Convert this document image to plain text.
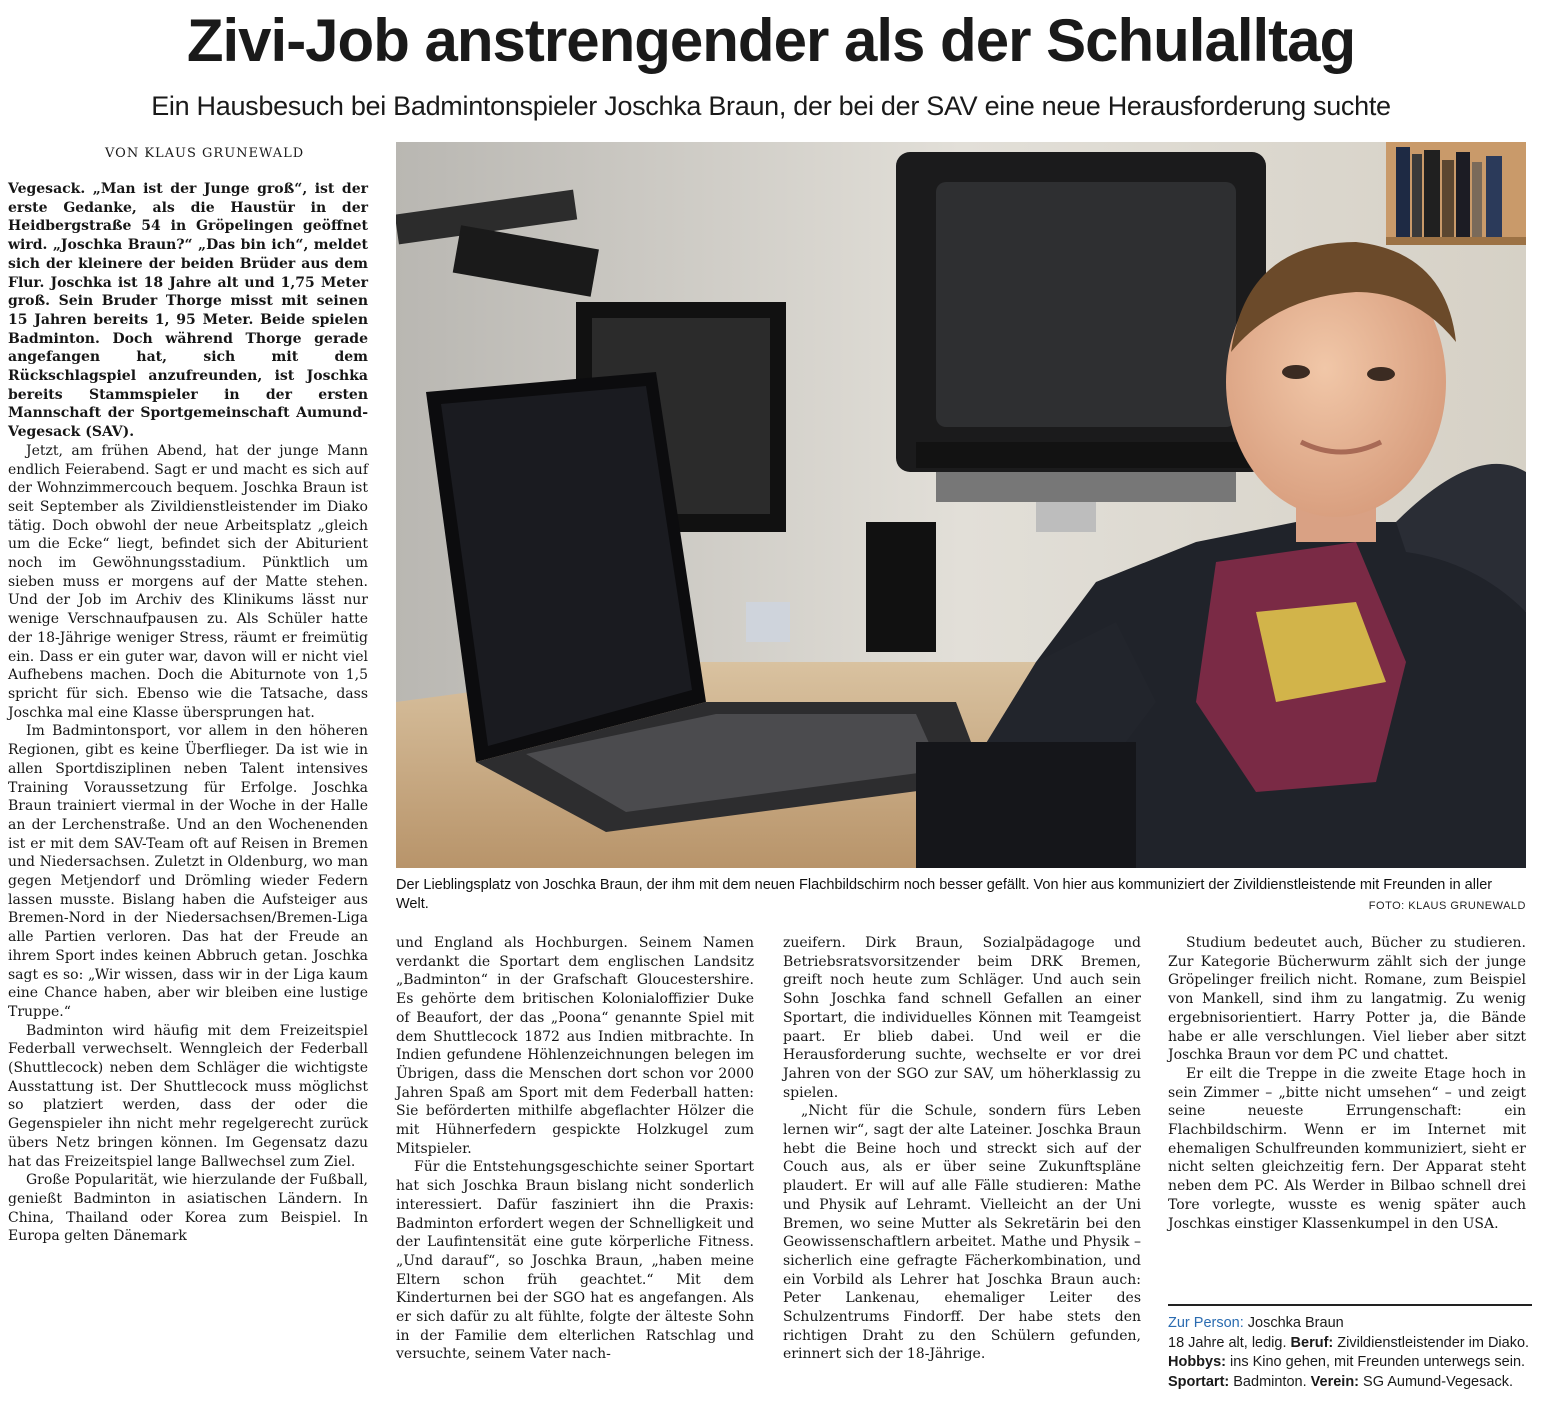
Zivi-Job anstrengender als der Schulalltag
Ein Hausbesuch bei Badmintonspieler Joschka Braun, der bei der SAV eine neue Herausforderung suchte
VON KLAUS GRUNEWALD

Vegesack. „Man ist der Junge groß“, ist der erste Gedanke, als die Haustür in der Heidbergstraße 54 in Gröpelingen geöffnet wird. „Joschka Braun?“ „Das bin ich“, meldet sich der kleinere der beiden Brüder aus dem Flur. Joschka ist 18 Jahre alt und 1,75 Meter groß. Sein Bruder Thorge misst mit seinen 15 Jahren bereits 1, 95 Meter. Beide spielen Badminton. Doch während Thorge gerade angefangen hat, sich mit dem Rückschlagspiel anzufreunden, ist Joschka bereits Stammspieler in der ersten Mannschaft der Sportgemeinschaft Aumund-Vegesack (SAV).

Jetzt, am frühen Abend, hat der junge Mann endlich Feierabend. Sagt er und macht es sich auf der Wohnzimmercouch bequem. Joschka Braun ist seit September als Zivildienstleistender im Diako tätig. Doch obwohl der neue Arbeitsplatz „gleich um die Ecke“ liegt, befindet sich der Abiturient noch im Gewöhnungsstadium. Pünktlich um sieben muss er morgens auf der Matte stehen. Und der Job im Archiv des Klinikums lässt nur wenige Verschnaufpausen zu. Als Schüler hatte der 18-Jährige weniger Stress, räumt er freimütig ein. Dass er ein guter war, davon will er nicht viel Aufhebens machen. Doch die Abiturnote von 1,5 spricht für sich. Ebenso wie die Tatsache, dass Joschka mal eine Klasse übersprungen hat.

Im Badmintonsport, vor allem in den höheren Regionen, gibt es keine Überflieger. Da ist wie in allen Sportdisziplinen neben Talent intensives Training Voraussetzung für Erfolge. Joschka Braun trainiert viermal in der Woche in der Halle an der Lerchenstraße. Und an den Wochenenden ist er mit dem SAV-Team oft auf Reisen in Bremen und Niedersachsen. Zuletzt in Oldenburg, wo man gegen Metjendorf und Drömling wieder Federn lassen musste. Bislang haben die Aufsteiger aus Bremen-Nord in der Niedersachsen/Bremen-Liga alle Partien verloren. Das hat der Freude an ihrem Sport indes keinen Abbruch getan. Joschka sagt es so: „Wir wissen, dass wir in der Liga kaum eine Chance haben, aber wir bleiben eine lustige Truppe.“

Badminton wird häufig mit dem Freizeitspiel Federball verwechselt. Wenngleich der Federball (Shuttlecock) neben dem Schläger die wichtigste Ausstattung ist. Der Shuttlecock muss möglichst so platziert werden, dass der oder die Gegenspieler ihn nicht mehr regelgerecht zurück übers Netz bringen können. Im Gegensatz dazu hat das Freizeitspiel lange Ballwechsel zum Ziel.

Große Popularität, wie hierzulande der Fußball, genießt Badminton in asiatischen Ländern. In China, Thailand oder Korea zum Beispiel. In Europa gelten Dänemark

Der Lieblingsplatz von Joschka Braun, der ihm mit dem neuen Flachbildschirm noch besser gefällt. Von hier aus kommuniziert der Zivildienstleistende mit Freunden in aller Welt.	FOTO: KLAUS GRUNEWALD

und England als Hochburgen. Seinem Namen verdankt die Sportart dem englischen Landsitz „Badminton“ in der Grafschaft Gloucestershire. Es gehörte dem britischen Kolonialoffizier Duke of Beaufort, der das „Poona“ genannte Spiel mit dem Shuttlecock 1872 aus Indien mitbrachte. In Indien gefundene Höhlenzeichnungen belegen im Übrigen, dass die Menschen dort schon vor 2000 Jahren Spaß am Sport mit dem Federball hatten: Sie beförderten mithilfe abgeflachter Hölzer die mit Hühnerfedern gespickte Holzkugel zum Mitspieler.

Für die Entstehungsgeschichte seiner Sportart hat sich Joschka Braun bislang nicht sonderlich interessiert. Dafür fasziniert ihn die Praxis: Badminton erfordert wegen der Schnelligkeit und der Laufintensität eine gute körperliche Fitness. „Und darauf“, so Joschka Braun, „haben meine Eltern schon früh geachtet.“ Mit dem Kinderturnen bei der SGO hat es angefangen. Als er sich dafür zu alt fühlte, folgte der älteste Sohn in der Familie dem elterlichen Ratschlag und versuchte, seinem Vater nach-

zueifern. Dirk Braun, Sozialpädagoge und Betriebsratsvorsitzender beim DRK Bremen, greift noch heute zum Schläger. Und auch sein Sohn Joschka fand schnell Gefallen an einer Sportart, die individuelles Können mit Teamgeist paart. Er blieb dabei. Und weil er die Herausforderung suchte, wechselte er vor drei Jahren von der SGO zur SAV, um höherklassig zu spielen.

„Nicht für die Schule, sondern fürs Leben lernen wir“, sagt der alte Lateiner. Joschka Braun hebt die Beine hoch und streckt sich auf der Couch aus, als er über seine Zukunftspläne plaudert. Er will auf alle Fälle studieren: Mathe und Physik auf Lehramt. Vielleicht an der Uni Bremen, wo seine Mutter als Sekretärin bei den Geowissenschaftlern arbeitet. Mathe und Physik – sicherlich eine gefragte Fächerkombination, und ein Vorbild als Lehrer hat Joschka Braun auch: Peter Lankenau, ehemaliger Leiter des Schulzentrums Findorff. Der habe stets den richtigen Draht zu den Schülern gefunden, erinnert sich der 18-Jährige.

Studium bedeutet auch, Bücher zu studieren. Zur Kategorie Bücherwurm zählt sich der junge Gröpelinger freilich nicht. Romane, zum Beispiel von Mankell, sind ihm zu langatmig. Zu wenig ergebnisorientiert. Harry Potter ja, die Bände habe er alle verschlungen. Viel lieber aber sitzt Joschka Braun vor dem PC und chattet.

Er eilt die Treppe in die zweite Etage hoch in sein Zimmer – „bitte nicht umsehen“ – und zeigt seine neueste Errungenschaft: ein Flachbildschirm. Wenn er im Internet mit ehemaligen Schulfreunden kommuniziert, sieht er nicht selten gleichzeitig fern. Der Apparat steht neben dem PC. Als Werder in Bilbao schnell drei Tore vorlegte, wusste es wenig später auch Joschkas einstiger Klassenkumpel in den USA.

Zur Person: Joschka Braun
18 Jahre alt, ledig. Beruf: Zivildienstleistender im Diako. Hobbys: ins Kino gehen, mit Freunden unterwegs sein. Sportart: Badminton. Verein: SG Aumund-Vegesack.
